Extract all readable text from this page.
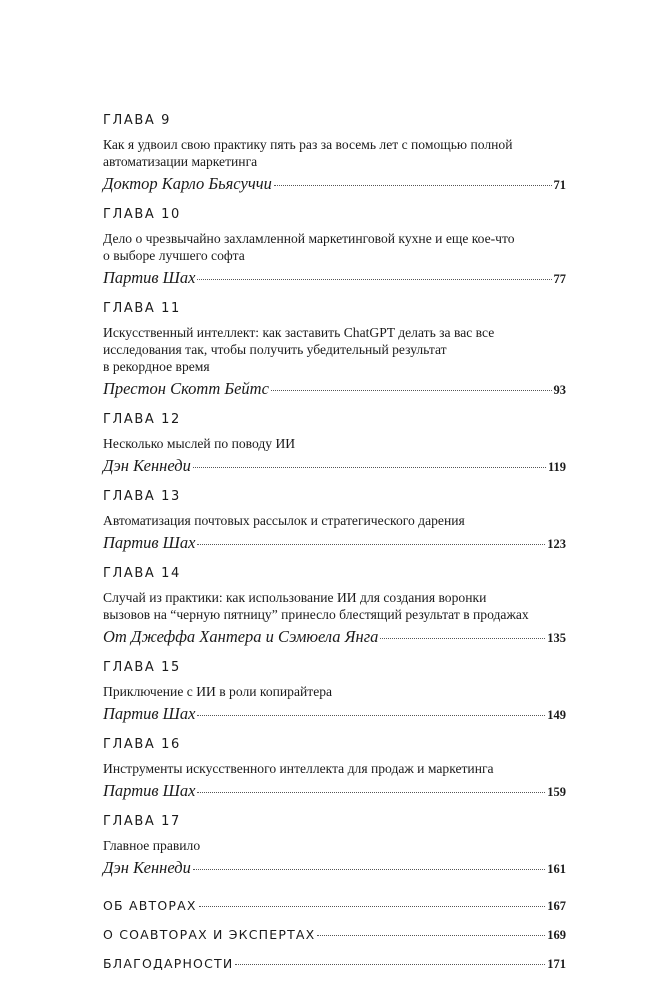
ГЛАВА 9
Как я удвоил свою практику пять раз за восемь лет с помощью полной
автоматизации маркетинга
Доктор Карло Бьясуччи	71
ГЛАВА 10
Дело о чрезвычайно захламленной маркетинговой кухне и еще кое-что
о выборе лучшего софта
Партив Шах	77
ГЛАВА 11
Искусственный интеллект: как заставить ChatGPT делать за вас все
исследования так, чтобы получить убедительный результат
в рекордное время
Престон Скотт Бейтс	93
ГЛАВА 12
Несколько мыслей по поводу ИИ
Дэн Кеннеди	119
ГЛАВА 13
Автоматизация почтовых рассылок и стратегического дарения
Партив Шах	123
ГЛАВА 14
Случай из практики: как использование ИИ для создания воронки
вызовов на “черную пятницу” принесло блестящий результат в продажах
От Джеффа Хантера и Сэмюела Янга	135
ГЛАВА 15
Приключение с ИИ в роли копирайтера
Партив Шах	149
ГЛАВА 16
Инструменты искусственного интеллекта для продаж и маркетинга
Партив Шах	159
ГЛАВА 17
Главное правило
Дэн Кеннеди	161
ОБ АВТОРАХ	167
О СОАВТОРАХ И ЭКСПЕРТАХ	169
БЛАГОДАРНОСТИ	171
